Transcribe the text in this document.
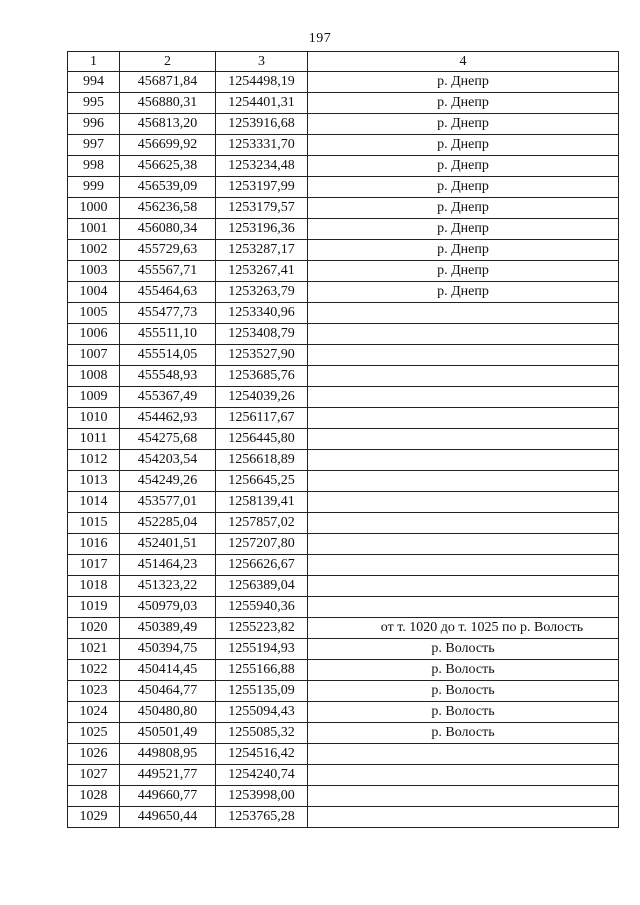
197
1	2	3	4
994	456871,84	1254498,19	р. Днепр
995	456880,31	1254401,31	р. Днепр
996	456813,20	1253916,68	р. Днепр
997	456699,92	1253331,70	р. Днепр
998	456625,38	1253234,48	р. Днепр
999	456539,09	1253197,99	р. Днепр
1000	456236,58	1253179,57	р. Днепр
1001	456080,34	1253196,36	р. Днепр
1002	455729,63	1253287,17	р. Днепр
1003	455567,71	1253267,41	р. Днепр
1004	455464,63	1253263,79	р. Днепр
1005	455477,73	1253340,96	
1006	455511,10	1253408,79	
1007	455514,05	1253527,90	
1008	455548,93	1253685,76	
1009	455367,49	1254039,26	
1010	454462,93	1256117,67	
1011	454275,68	1256445,80	
1012	454203,54	1256618,89	
1013	454249,26	1256645,25	
1014	453577,01	1258139,41	
1015	452285,04	1257857,02	
1016	452401,51	1257207,80	
1017	451464,23	1256626,67	
1018	451323,22	1256389,04	
1019	450979,03	1255940,36	
1020	450389,49	1255223,82	от т. 1020 до т. 1025 по р. Волость
1021	450394,75	1255194,93	р. Волость
1022	450414,45	1255166,88	р. Волость
1023	450464,77	1255135,09	р. Волость
1024	450480,80	1255094,43	р. Волость
1025	450501,49	1255085,32	р. Волость
1026	449808,95	1254516,42	
1027	449521,77	1254240,74	
1028	449660,77	1253998,00	
1029	449650,44	1253765,28	
